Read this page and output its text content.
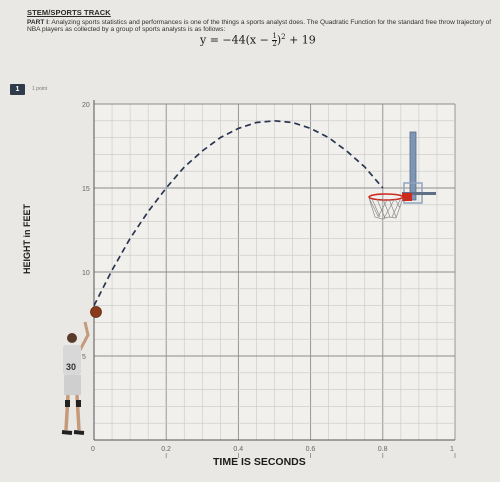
STEM/SPORTS TRACK
PART I: Analyzing sports statistics and performances is one of the things a sports analyst does. The Quadratic Function for the standard free throw trajectory of NBA players as collected by a group of sports analysts is as follows:
$y = -44(x - \frac{1}{2} )^2 + 19$
1	1 point
0	0.2	0.4	0.6	0.8	1
5
10
15
20
30
TIME IS SECONDS
HEIGHT in FEET
